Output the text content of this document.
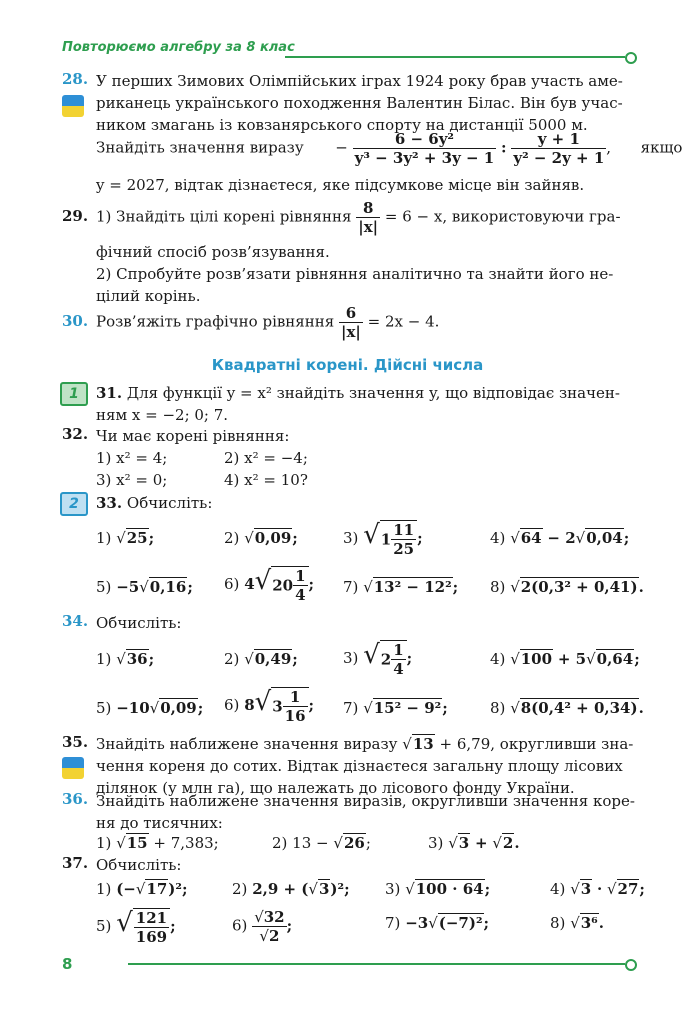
Повторюємо алгебру за 8 клас
28. У перших Зимових Олімпійських іграх 1924 року брав участь аме-
риканець українського походження Валентин Білас. Він був учас-
ником змагань із ковзанярського спорту на дистанції 5000 м.
Знайдіть значення виразу − $\frac{\text{6 − 6y²}}{\text{y³ − 3y² + 3y − 1}}$ : $\frac{y + 1}{\text{y² − 2y + 1}}$ , якщо
y = 2027, відтак дізнаєтеся, яке підсумкове місце він зайняв.
29. 1) Знайдіть цілі корені рівняння $\frac{8}{|x|} = 6 - x$, використовуючи гра-
фічний спосіб розв’язування.
2) Спробуйте розв’язати рівняння аналітично та знайти його не-
цілий корінь.
30. Розв’яжіть графічно рівняння $\frac{6}{|x|} = 2x - 4$.
Квадратні корені. Дійсні числа
1	31. Для функції y = x² знайдіть значення y, що відповідає значен-
ням x = −2; 0; 7.
32. Чи має корені рівняння:
1) x² = 4;	2) x² = −4;
3) x² = 0;	4) x² = 10?
2	33. Обчисліть:
1) √25;	2) √0,09;	3) $√1 \frac{11}{25}$ ;	4) √64 − 2√0,04;
5) −5√0,16; 6) $4√20 \frac{1}{4}$ ; 7) √13² − 12²; 8) √2(0,3² + 0,41).
34. Обчисліть:
1) √36;	2) √0,49;	3) $√2 \frac{1}{4}$ ;	4) √100 + 5√0,64;
5) −10√0,09; 6) $8√3 \frac{1}{16}$ ; 7) √15² − 9²;	8) √8(0,4² + 0,34).
35. Знайдіть наближене значення виразу √13 + 6,79, округливши зна-
чення кореня до сотих. Відтак дізнаєтеся загальну площу лісових
ділянок (у млн га), що належать до лісового фонду України.
36. Знайдіть наближене значення виразів, округливши значення коре-
ня до тисячних:
1) √15 + 7,383;	2) 13 − √26;	3) √3 + √2.
37. Обчисліть:
1) (−√17)²;	2) 2,9 + (√3)²; 3) √100 · 64;	4) √3 · √27;
5) √ $\frac{121}{169}$ ;	$6) \frac{√32}{√2}$ ;	7) −3√(−7)²;	8) √3⁶.
8
